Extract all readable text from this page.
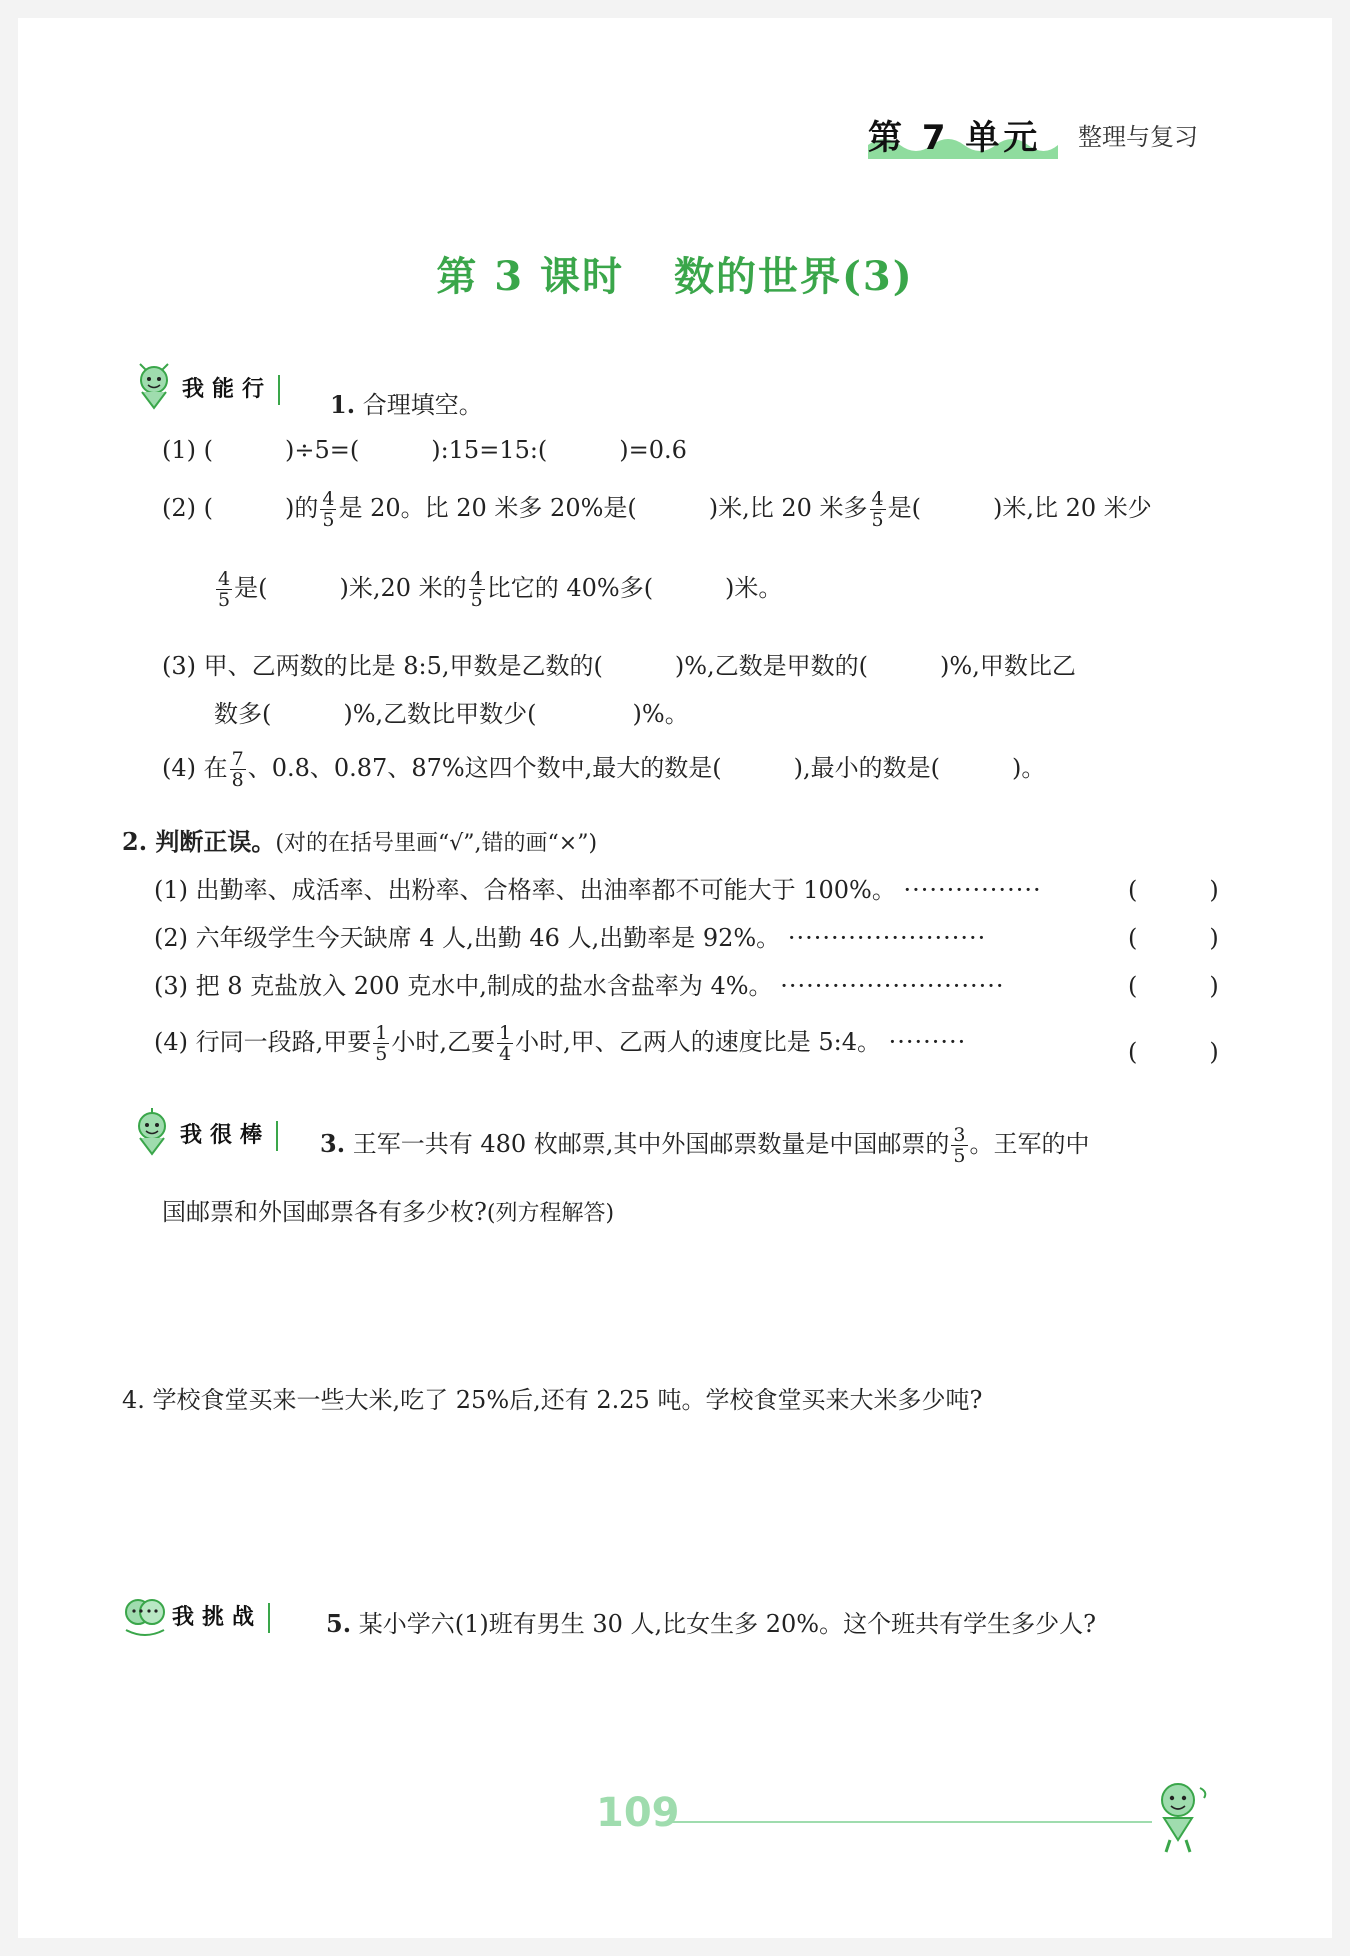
第 7 单元 整理与复习
第 3 课时 数的世界(3)
我能行
1. 合理填空。
(1) (　　　)÷5=(　　　):15=15:(　　　)=0.6
(2) (　　　)的 $\frac{4}{5}$ 是 20。比 20 米多 20%是(　　　)米,比 20 米多 $\frac{4}{5}$ 是(　　　)米,比 20 米少
$\frac{4}{5}$ 是(　　　)米,20 米的 $\frac{4}{5}$ 比它的 40%多(　　　)米。
(3) 甲、乙两数的比是 8:5,甲数是乙数的(　　　)%,乙数是甲数的(　　　)%,甲数比乙
数多(　　　)%,乙数比甲数少(　　　　)%。
(4) 在 $\frac{7}{8}$ 、0.8、0.87、87%这四个数中,最大的数是(　　　),最小的数是(　　　)。
2. 判断正误。(对的在括号里画“√”,错的画“×”)
(1) 出勤率、成活率、出粉率、合格率、出油率都不可能大于 100%。 ················	(　　　)
(2) 六年级学生今天缺席 4 人,出勤 46 人,出勤率是 92%。 ·······················	(　　　)
(3) 把 8 克盐放入 200 克水中,制成的盐水含盐率为 4%。 ··························	(　　　)
(4) 行同一段路,甲要 $\frac{1}{5}$ 小时,乙要 $\frac{1}{4}$ 小时,甲、乙两人的速度比是 5:4。 ·········	(　　　)
我很棒	3. 王军一共有 480 枚邮票,其中外国邮票数量是中国邮票的 $\frac{3}{5}$ 。王军的中
国邮票和外国邮票各有多少枚?(列方程解答)
4. 学校食堂买来一些大米,吃了 25%后,还有 2.25 吨。学校食堂买来大米多少吨?
我挑战	5. 某小学六(1)班有男生 30 人,比女生多 20%。这个班共有学生多少人?
109
